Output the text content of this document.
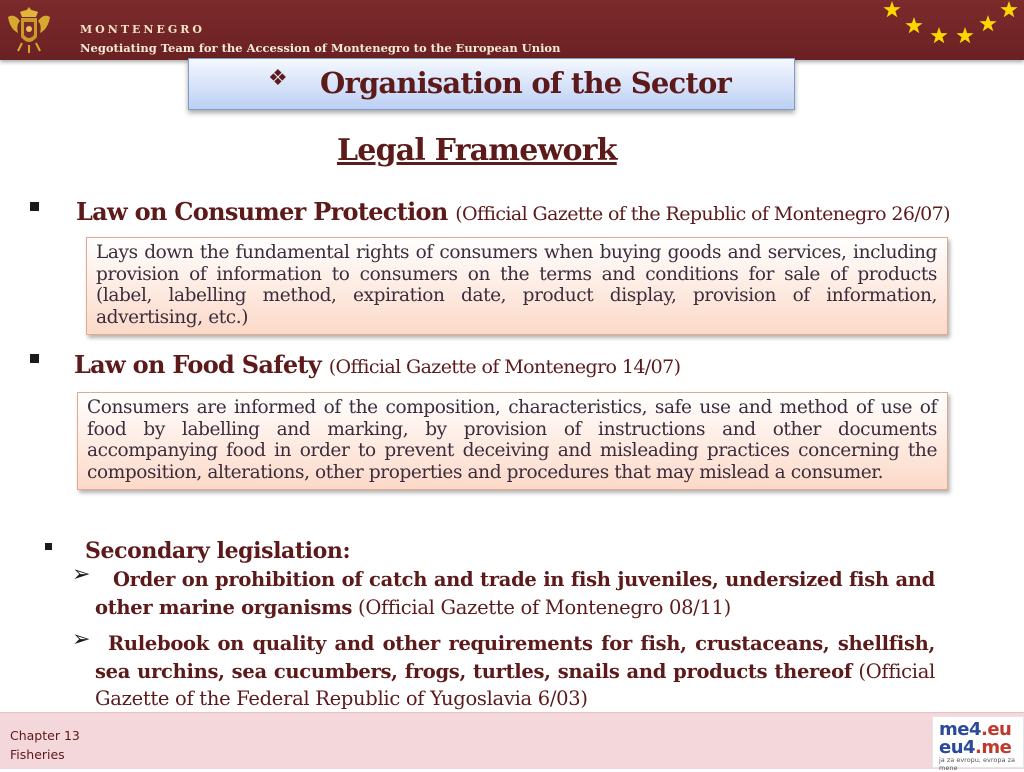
MONTENEGRO
Negotiating Team for the Accession of Montenegro to the European Union
❖ Organisation of the Sector
Legal Framework
Law on Consumer Protection (Official Gazette of the Republic of Montenegro 26/07)
Lays down the fundamental rights of consumers when buying goods and services, including provision of information to consumers on the terms and conditions for sale of products (label, labelling method, expiration date, product display, provision of information, advertising, etc.)
Law on Food Safety (Official Gazette of Montenegro 14/07)
Consumers are informed of the composition, characteristics, safe use and method of use of food by labelling and marking, by provision of instructions and other documents accompanying food in order to prevent deceiving and misleading practices concerning the composition, alterations, other properties and procedures that may mislead a consumer.
Secondary legislation:
➢	Order on prohibition of catch and trade in fish juveniles, undersized fish and other marine organisms (Official Gazette of Montenegro 08/11)
➢ Rulebook on quality and other requirements for fish, crustaceans, shellfish, sea urchins, sea cucumbers, frogs, turtles, snails and products thereof (Official Gazette of the Federal Republic of Yugoslavia 6/03)
Chapter 13
Fisheries
me4.eu
eu4.me
ja za evropu, evropa za mene
